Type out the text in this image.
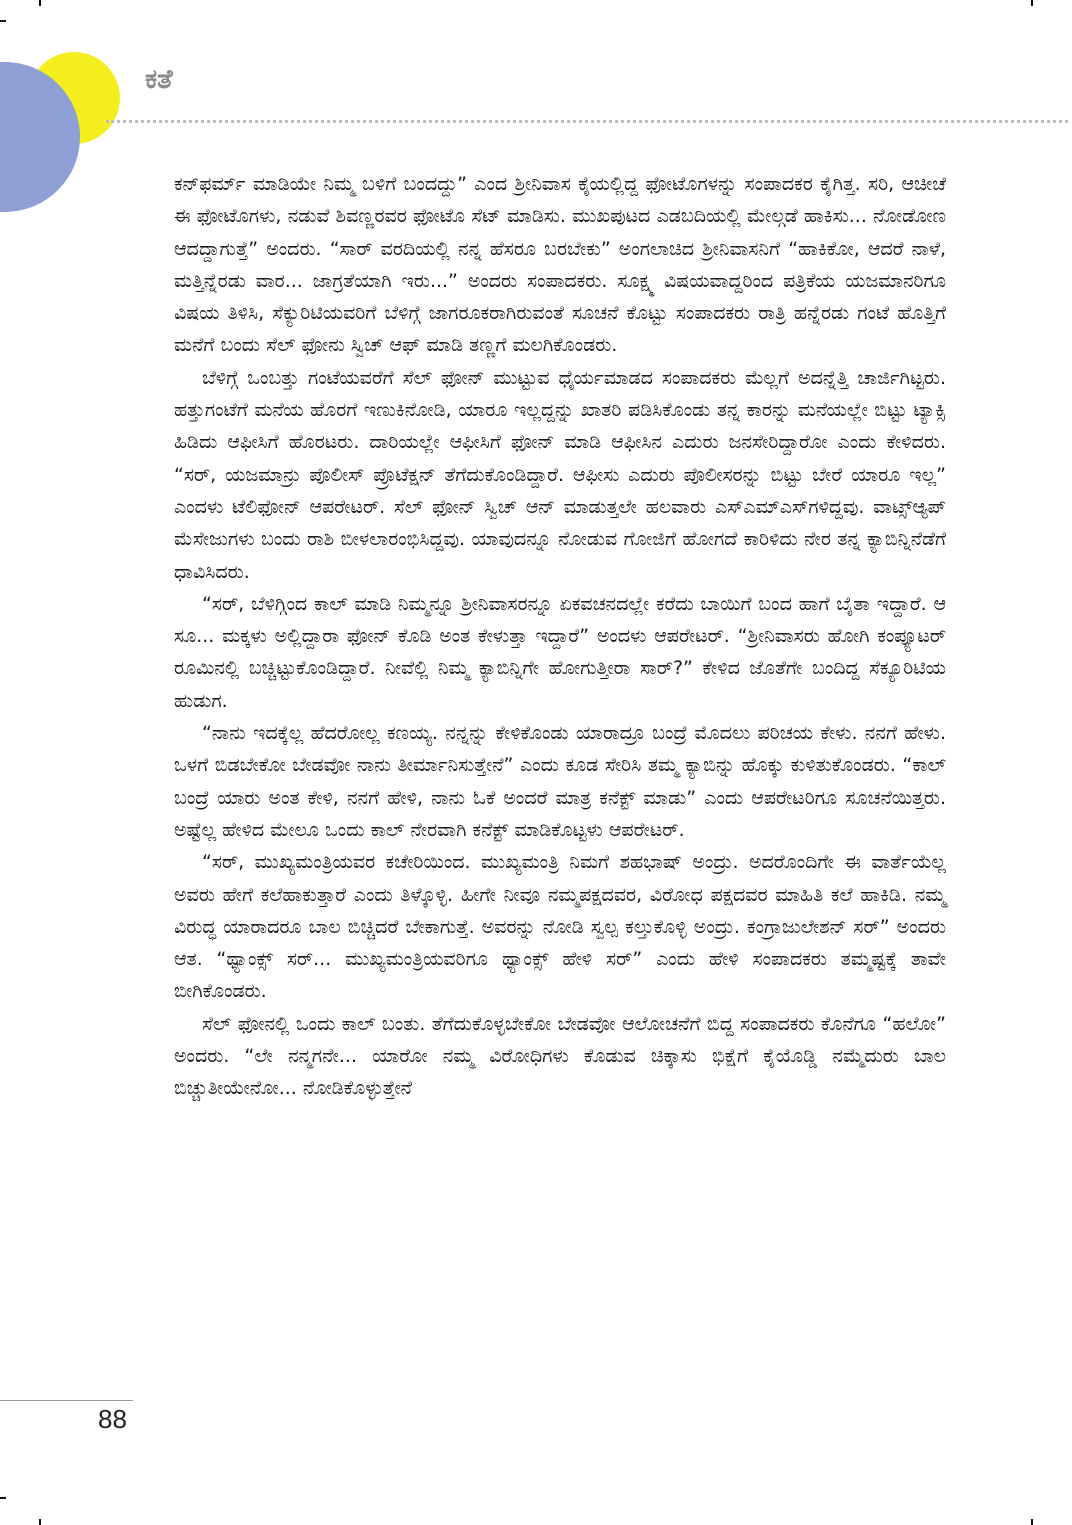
ಕತೆ

ಕನ್‌ಫರ್ಮ್ ಮಾಡಿಯೇ ನಿಮ್ಮ ಬಳಿಗೆ ಬಂದದ್ದು” ಎಂದ ಶ್ರೀನಿವಾಸ ಕೈಯಲ್ಲಿದ್ದ ಫೋಟೊಗಳನ್ನು ಸಂಪಾದಕರ ಕೈಗಿತ್ತ. ಸರಿ, ಆಚೀಚೆ ಈ ಫೋಟೊಗಳು, ನಡುವೆ ಶಿವಣ್ಣರವರ ಫೋಟೊ ಸೆಟ್ ಮಾಡಿಸು. ಮುಖಪುಟದ ಎಡಬದಿಯಲ್ಲಿ ಮೇಲ್ಗಡೆ ಹಾಕಿಸು... ನೋಡೋಣ ಆದದ್ದಾಗುತ್ತೆ” ಅಂದರು. “ಸಾರ್ ವರದಿಯಲ್ಲಿ ನನ್ನ ಹೆಸರೂ ಬರಬೇಕು” ಅಂಗಲಾಚಿದ ಶ್ರೀನಿವಾಸನಿಗೆ “ಹಾಕಿಕೋ, ಆದರೆ ನಾಳೆ, ಮತ್ತಿನ್ನೆರಡು ವಾರ... ಜಾಗ್ರತೆಯಾಗಿ ಇರು...” ಅಂದರು ಸಂಪಾದಕರು. ಸೂಕ್ಷ್ಮ ವಿಷಯವಾದ್ದರಿಂದ ಪತ್ರಿಕೆಯ ಯಜಮಾನರಿಗೂ ವಿಷಯ ತಿಳಿಸಿ, ಸೆಕ್ಯುರಿಟಿಯವರಿಗೆ ಬೆಳಿಗ್ಗೆ ಜಾಗರೂಕರಾಗಿರುವಂತೆ ಸೂಚನೆ ಕೊಟ್ಟು ಸಂಪಾದಕರು ರಾತ್ರಿ ಹನ್ನೆರಡು ಗಂಟೆ ಹೊತ್ತಿಗೆ ಮನೆಗೆ ಬಂದು ಸೆಲ್ ಫೋನು ಸ್ವಿಚ್ ಆಫ್ ಮಾಡಿ ತಣ್ಣಗೆ ಮಲಗಿಕೊಂಡರು.

ಬೆಳಿಗ್ಗೆ ಒಂಬತ್ತು ಗಂಟೆಯವರೆಗೆ ಸೆಲ್ ಫೋನ್ ಮುಟ್ಟುವ ಧೈರ್ಯಮಾಡದ ಸಂಪಾದಕರು ಮೆಲ್ಲಗೆ ಅದನ್ನೆತ್ತಿ ಚಾರ್ಜಿಗಿಟ್ಟರು. ಹತ್ತುಗಂಟೆಗೆ ಮನೆಯ ಹೊರಗೆ ಇಣುಕಿನೋಡಿ, ಯಾರೂ ಇಲ್ಲದ್ದನ್ನು ಖಾತರಿ ಪಡಿಸಿಕೊಂಡು ತನ್ನ ಕಾರನ್ನು ಮನೆಯಲ್ಲೇ ಬಿಟ್ಟು ಟ್ಯಾಕ್ಸಿ ಹಿಡಿದು ಆಫೀಸಿಗೆ ಹೊರಟರು. ದಾರಿಯಲ್ಲೇ ಆಫೀಸಿಗೆ ಫೋನ್ ಮಾಡಿ ಆಫೀಸಿನ ಎದುರು ಜನಸೇರಿದ್ದಾರೋ ಎಂದು ಕೇಳಿದರು. “ಸರ್, ಯಜಮಾನ್ರು ಪೊಲೀಸ್ ಪ್ರೊಟೆಕ್ಷನ್ ತೆಗೆದುಕೊಂಡಿದ್ದಾರೆ. ಆಫೀಸು ಎದುರು ಪೊಲೀಸರನ್ನು ಬಿಟ್ಟು ಬೇರೆ ಯಾರೂ ಇಲ್ಲ” ಎಂದಳು ಟೆಲಿಫೋನ್ ಆಪರೇಟರ್. ಸೆಲ್ ಫೋನ್ ಸ್ವಿಚ್ ಆನ್ ಮಾಡುತ್ತಲೇ ಹಲವಾರು ಎಸ್ಎಮ್ಎಸ್‌ಗಳಿದ್ದವು. ವಾಟ್ಸ್‌ಆ್ಯಪ್ ಮೆಸೇಜುಗಳು ಬಂದು ರಾಶಿ ಬೀಳಲಾರಂಭಿಸಿದ್ದವು. ಯಾವುದನ್ನೂ ನೋಡುವ ಗೋಜಿಗೆ ಹೋಗದೆ ಕಾರಿಳಿದು ನೇರ ತನ್ನ ಕ್ಯಾಬಿನ್ನಿನೆಡೆಗೆ ಧಾವಿಸಿದರು.

“ಸರ್, ಬೆಳಿಗ್ಗಿಂದ ಕಾಲ್ ಮಾಡಿ ನಿಮ್ಮನ್ನೂ ಶ್ರೀನಿವಾಸರನ್ನೂ ಏಕವಚನದಲ್ಲೇ ಕರೆದು ಬಾಯಿಗೆ ಬಂದ ಹಾಗೆ ಬೈತಾ ಇದ್ದಾರೆ. ಆ ಸೂ... ಮಕ್ಕಳು ಅಲ್ಲಿದ್ದಾರಾ ಫೋನ್ ಕೊಡಿ ಅಂತ ಕೇಳುತ್ತಾ ಇದ್ದಾರೆ” ಅಂದಳು ಆಪರೇಟರ್. “ಶ್ರೀನಿವಾಸರು ಹೋಗಿ ಕಂಪ್ಯೂಟರ್ ರೂಮಿನಲ್ಲಿ ಬಚ್ಚಿಟ್ಟುಕೊಂಡಿದ್ದಾರೆ. ನೀವೆಲ್ಲಿ ನಿಮ್ಮ ಕ್ಯಾಬಿನ್ನಿಗೇ ಹೋಗುತ್ತೀರಾ ಸಾರ್?” ಕೇಳಿದ ಜೊತೆಗೇ ಬಂದಿದ್ದ ಸೆಕ್ಯೂರಿಟಿಯ ಹುಡುಗ.

“ನಾನು ಇದಕ್ಕೆಲ್ಲ ಹೆದರೋಲ್ಲ ಕಣಯ್ಯ. ನನ್ನನ್ನು ಕೇಳಿಕೊಂಡು ಯಾರಾದ್ರೂ ಬಂದ್ರೆ ಮೊದಲು ಪರಿಚಯ ಕೇಳು. ನನಗೆ ಹೇಳು. ಒಳಗೆ ಬಿಡಬೇಕೋ ಬೇಡವೋ ನಾನು ತೀರ್ಮಾನಿಸುತ್ತೇನೆ” ಎಂದು ಕೂಡ ಸೇರಿಸಿ ತಮ್ಮ ಕ್ಯಾಬಿನ್ನು ಹೊಕ್ಕು ಕುಳಿತುಕೊಂಡರು. “ಕಾಲ್ ಬಂದ್ರೆ ಯಾರು ಅಂತ ಕೇಳಿ, ನನಗೆ ಹೇಳಿ, ನಾನು ಓಕೆ ಅಂದರೆ ಮಾತ್ರ ಕನೆಕ್ಟ್ ಮಾಡು” ಎಂದು ಆಪರೇಟರಿಗೂ ಸೂಚನೆಯಿತ್ತರು. ಅಷ್ಟೆಲ್ಲ ಹೇಳಿದ ಮೇಲೂ ಒಂದು ಕಾಲ್ ನೇರವಾಗಿ ಕನೆಕ್ಟ್ ಮಾಡಿಕೊಟ್ಟಳು ಆಪರೇಟರ್.

“ಸರ್, ಮುಖ್ಯಮಂತ್ರಿಯವರ ಕಚೇರಿಯಿಂದ. ಮುಖ್ಯಮಂತ್ರಿ ನಿಮಗೆ ಶಹಭಾಷ್ ಅಂದ್ರು. ಅದರೊಂದಿಗೇ ಈ ವಾರ್ತೆಯೆಲ್ಲ ಅವರು ಹೇಗೆ ಕಲೆಹಾಕುತ್ತಾರೆ ಎಂದು ತಿಳ್ಕೊಳ್ಳಿ. ಹೀಗೇ ನೀವೂ ನಮ್ಮಪಕ್ಷದವರ, ವಿರೋಧ ಪಕ್ಷದವರ ಮಾಹಿತಿ ಕಲೆ ಹಾಕಿಡಿ. ನಮ್ಮ ವಿರುದ್ಧ ಯಾರಾದರೂ ಬಾಲ ಬಿಚ್ಚಿದರೆ ಬೇಕಾಗುತ್ತೆ. ಅವರನ್ನು ನೋಡಿ ಸ್ವಲ್ಪ ಕಲ್ತುಕೊಳ್ಳಿ ಅಂದ್ರು. ಕಂಗ್ರಾಜುಲೇಶನ್ ಸರ್” ಅಂದರು ಆತ. “ಥ್ಯಾಂಕ್ಸ್ ಸರ್... ಮುಖ್ಯಮಂತ್ರಿಯವರಿಗೂ ಥ್ಯಾಂಕ್ಸ್ ಹೇಳಿ ಸರ್” ಎಂದು ಹೇಳಿ ಸಂಪಾದಕರು ತಮ್ಮಷ್ಟಕ್ಕೆ ತಾವೇ ಬೀಗಿಕೊಂಡರು.

ಸೆಲ್ ಫೋನಲ್ಲಿ ಒಂದು ಕಾಲ್ ಬಂತು. ತೆಗೆದುಕೊಳ್ಳಬೇಕೋ ಬೇಡವೋ ಆಲೋಚನೆಗೆ ಬಿದ್ದ ಸಂಪಾದಕರು ಕೊನೆಗೂ “ಹಲೋ” ಅಂದರು. “ಲೇ ನನ್ಮಗನೇ... ಯಾರೋ ನಮ್ಮ ವಿರೋಧಿಗಳು ಕೊಡುವ ಚಿಕ್ಕಾಸು ಭಿಕ್ಷೆಗೆ ಕೈಯೊಡ್ಡಿ ನಮ್ಮೆದುರು ಬಾಲ ಬಿಚ್ಚುತೀಯೇನೋ... ನೋಡಿಕೊಳ್ಳುತ್ತೇನೆ

88
